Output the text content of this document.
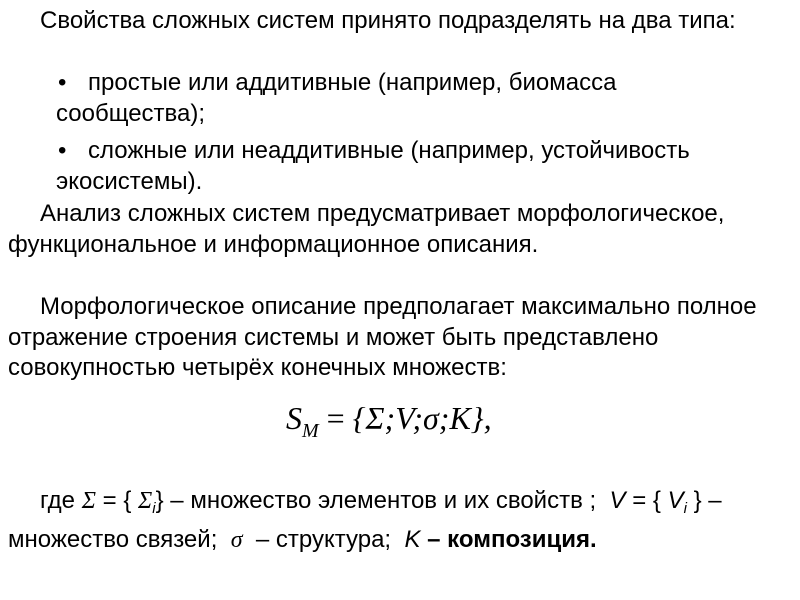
Свойства сложных систем принято подразделять на два типа:

• простые или аддитивные (например, биомасса
сообщества);
• сложные или неаддитивные (например, устойчивость
экосистемы).

Анализ сложных систем предусматривает морфологическое, функциональное и информационное описания.

Морфологическое описание предполагает максимально полное отражение строения системы и может быть представлено совокупностью четырёх конечных множеств:

$S_M$ = {Σ;V;σ;K},

где Σ = { $\Sigma_i$} – множество элементов и их свойств ; V = { $V_i$ } – множество связей; σ – структура; K – композиция.
